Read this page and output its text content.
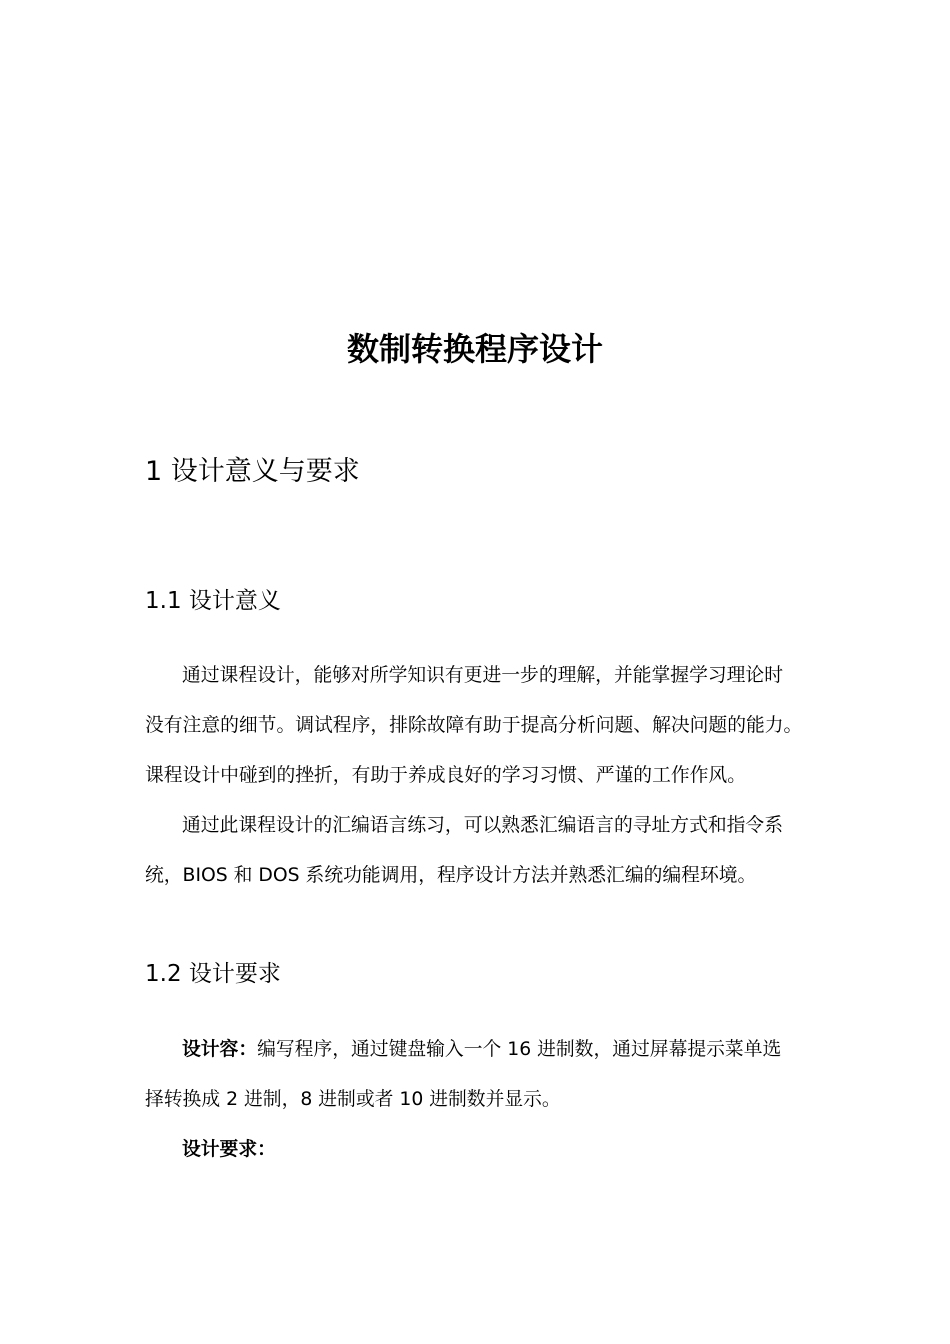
数制转换程序设计
1 设计意义与要求
1.1 设计意义
通过课程设计，能够对所学知识有更进一步的理解，并能掌握学习理论时
没有注意的细节。调试程序，排除故障有助于提高分析问题、解决问题的能力。
课程设计中碰到的挫折，有助于养成良好的学习习惯、严谨的工作作风。
通过此课程设计的汇编语言练习，可以熟悉汇编语言的寻址方式和指令系
统，BIOS 和 DOS 系统功能调用，程序设计方法并熟悉汇编的编程环境。
1.2 设计要求
设计容：编写程序，通过键盘输入一个 16 进制数，通过屏幕提示菜单选
择转换成 2 进制，8 进制或者 10 进制数并显示。
设计要求：
